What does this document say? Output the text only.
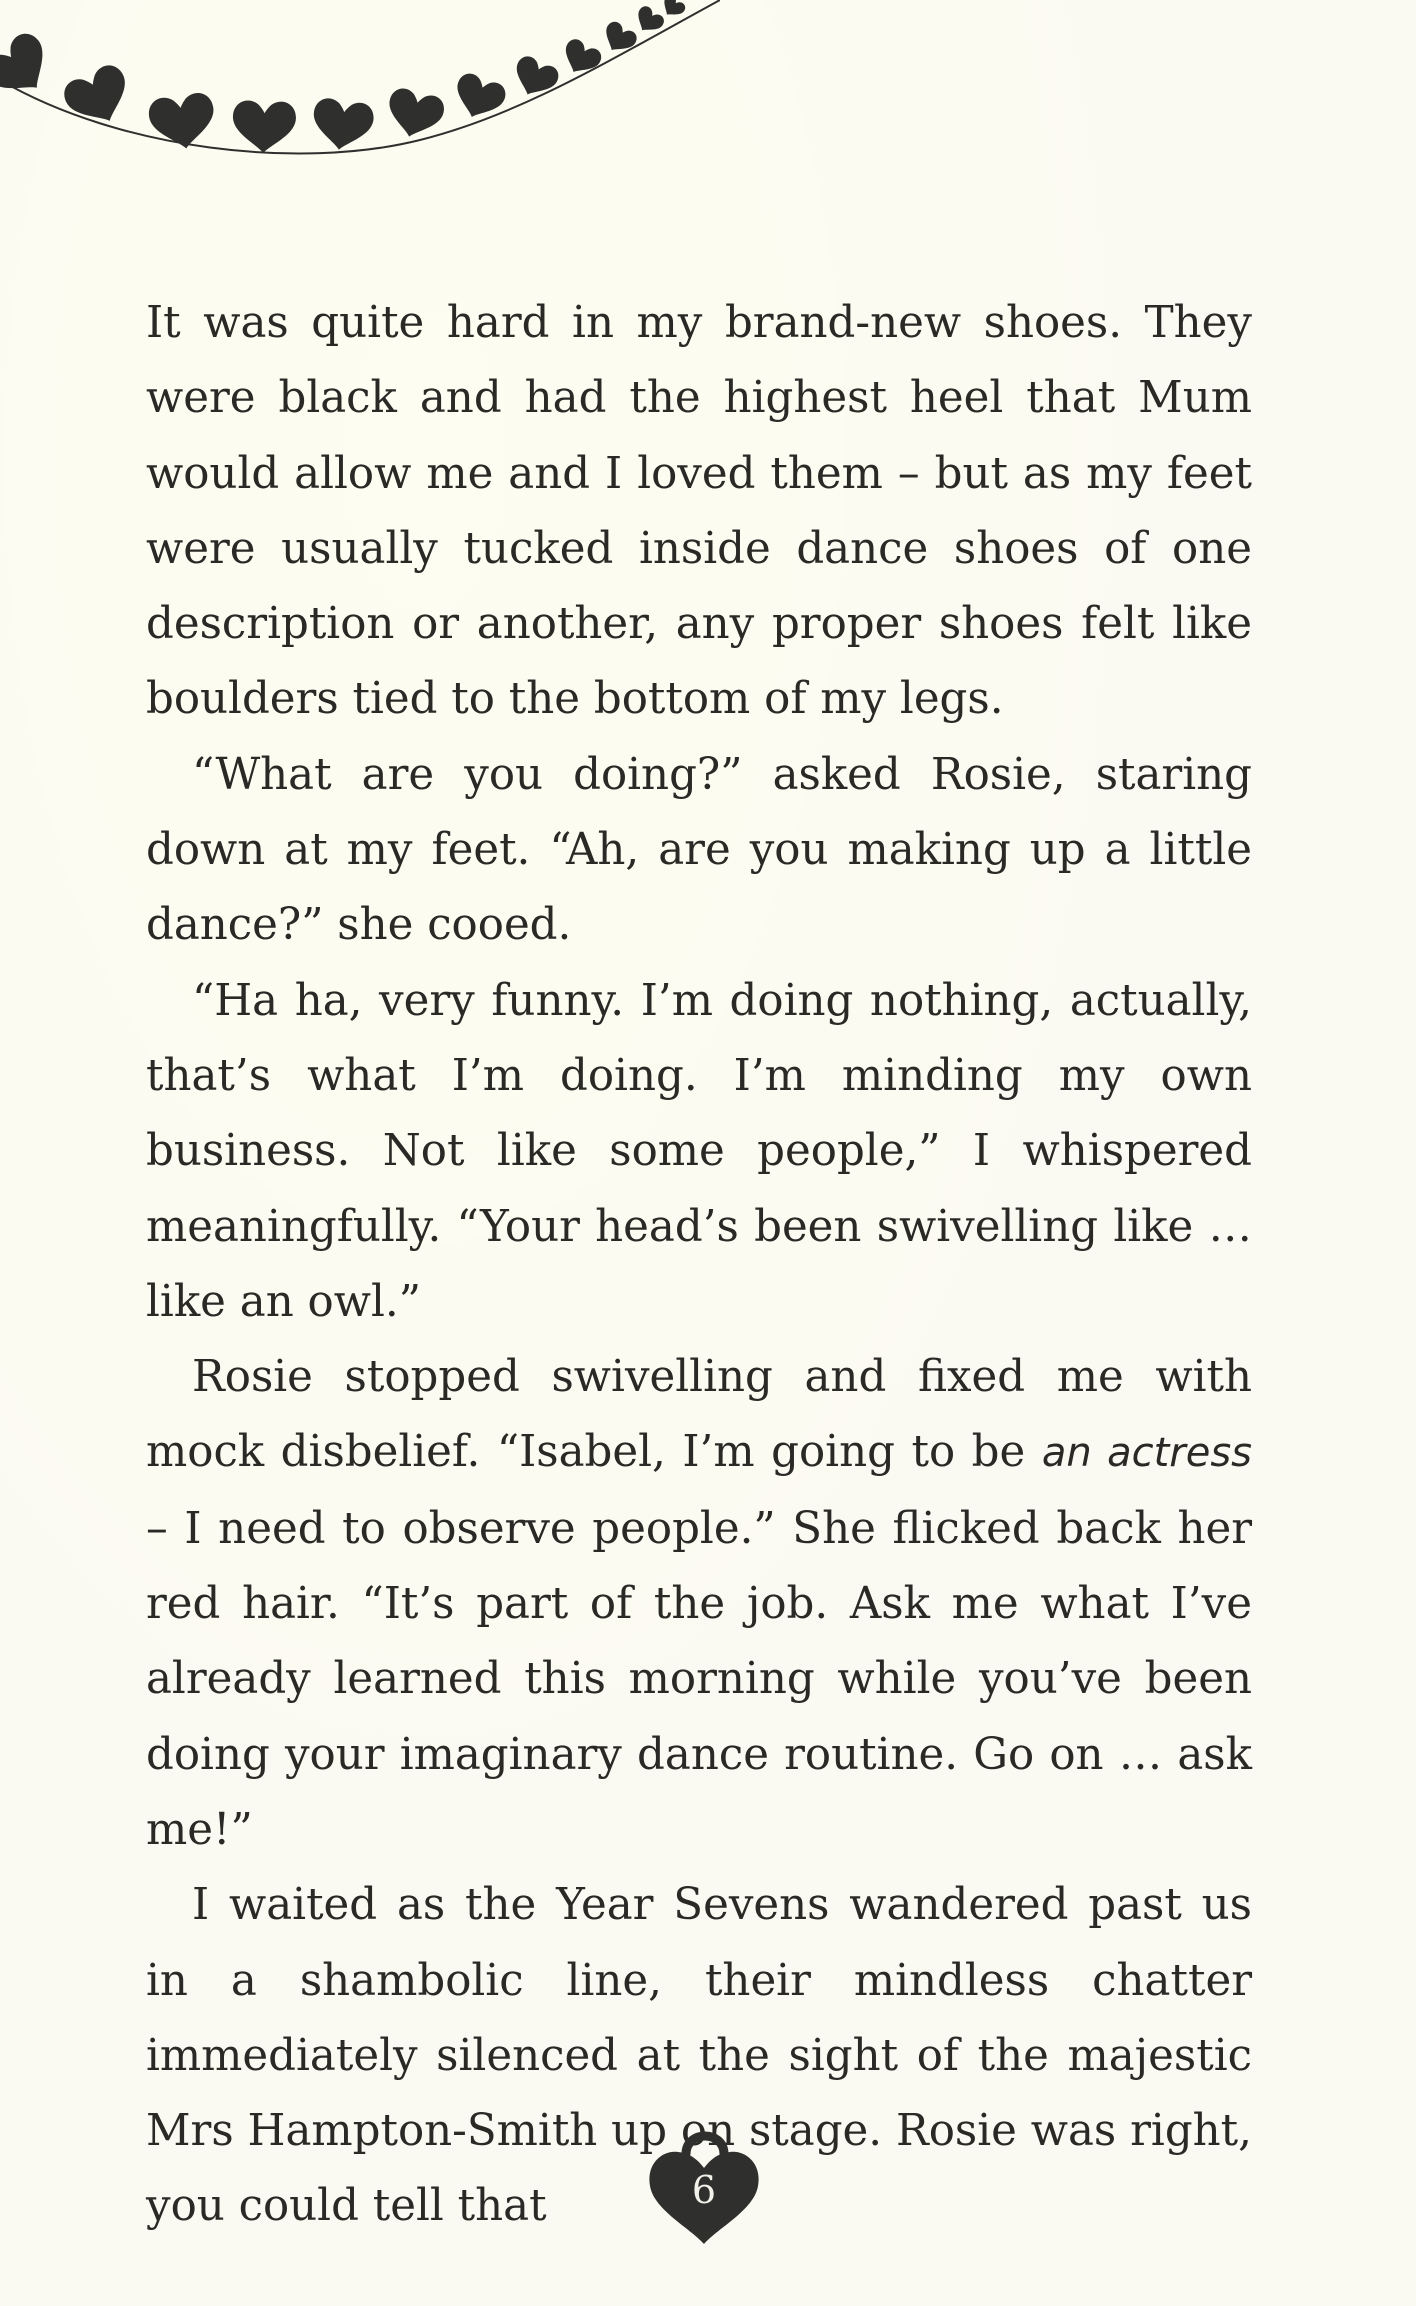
It was quite hard in my brand-new shoes. They were black and had the highest heel that Mum would allow me and I loved them – but as my feet were usually tucked inside dance shoes of one description or another, any proper shoes felt like boulders tied to the bottom of my legs.

“What are you doing?” asked Rosie, staring down at my feet. “Ah, are you making up a little dance?” she cooed.

“Ha ha, very funny. I’m doing nothing, actually, that’s what I’m doing. I’m minding my own business. Not like some people,” I whispered meaningfully. “Your head’s been swivelling like … like an owl.”

Rosie stopped swivelling and fixed me with mock disbelief. “Isabel, I’m going to be an actress – I need to observe people.” She flicked back her red hair. “It’s part of the job. Ask me what I’ve already learned this morning while you’ve been doing your imaginary dance routine. Go on … ask me!”

I waited as the Year Sevens wandered past us in a shambolic line, their mindless chatter immediately silenced at the sight of the majestic Mrs Hampton-Smith up on stage. Rosie was right, you could tell that	6
